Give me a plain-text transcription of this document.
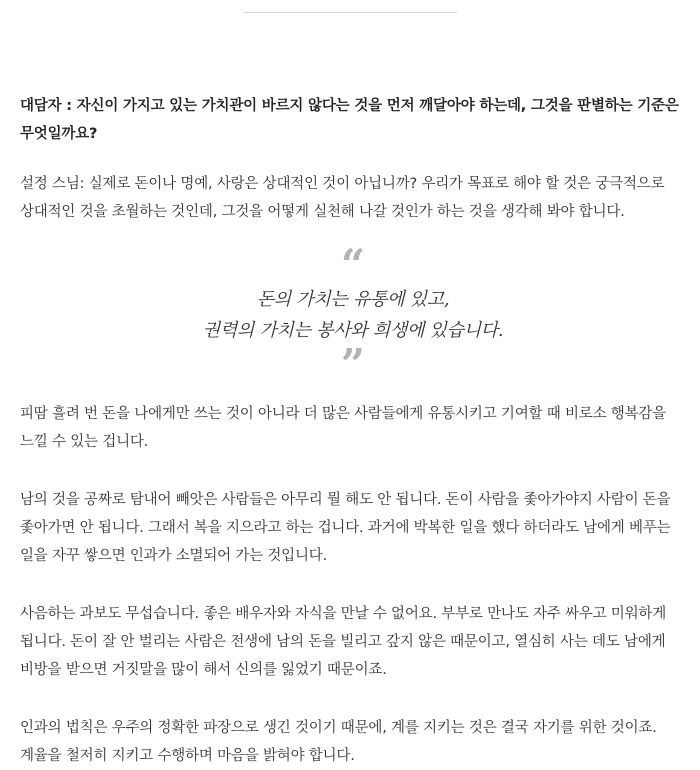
대담자 : 자신이 가지고 있는 가치관이 바르지 않다는 것을 먼저 깨달아야 하는데, 그것을 판별하는 기준은 무엇일까요?

설정 스님: 실제로 돈이나 명예, 사랑은 상대적인 것이 아닙니까? 우리가 목표로 해야 할 것은 궁극적으로 상대적인 것을 초월하는 것인데, 그것을 어떻게 실천해 나갈 것인가 하는 것을 생각해 봐야 합니다.

“
돈의 가치는 유통에 있고,
권력의 가치는 봉사와 희생에 있습니다.
”

피땀 흘려 번 돈을 나에게만 쓰는 것이 아니라 더 많은 사람들에게 유통시키고 기여할 때 비로소 행복감을 느낄 수 있는 겁니다.

남의 것을 공짜로 탐내어 빼앗은 사람들은 아무리 뭘 해도 안 됩니다. 돈이 사람을 좇아가야지 사람이 돈을 좇아가면 안 됩니다. 그래서 복을 지으라고 하는 겁니다. 과거에 박복한 일을 했다 하더라도 남에게 베푸는 일을 자꾸 쌓으면 인과가 소멸되어 가는 것입니다.

사음하는 과보도 무섭습니다. 좋은 배우자와 자식을 만날 수 없어요. 부부로 만나도 자주 싸우고 미워하게 됩니다. 돈이 잘 안 벌리는 사람은 전생에 남의 돈을 빌리고 갚지 않은 때문이고, 열심히 사는 데도 남에게 비방을 받으면 거짓말을 많이 해서 신의를 잃었기 때문이죠.

인과의 법칙은 우주의 정확한 파장으로 생긴 것이기 때문에, 계를 지키는 것은 결국 자기를 위한 것이죠. 계율을 철저히 지키고 수행하며 마음을 밝혀야 합니다.
